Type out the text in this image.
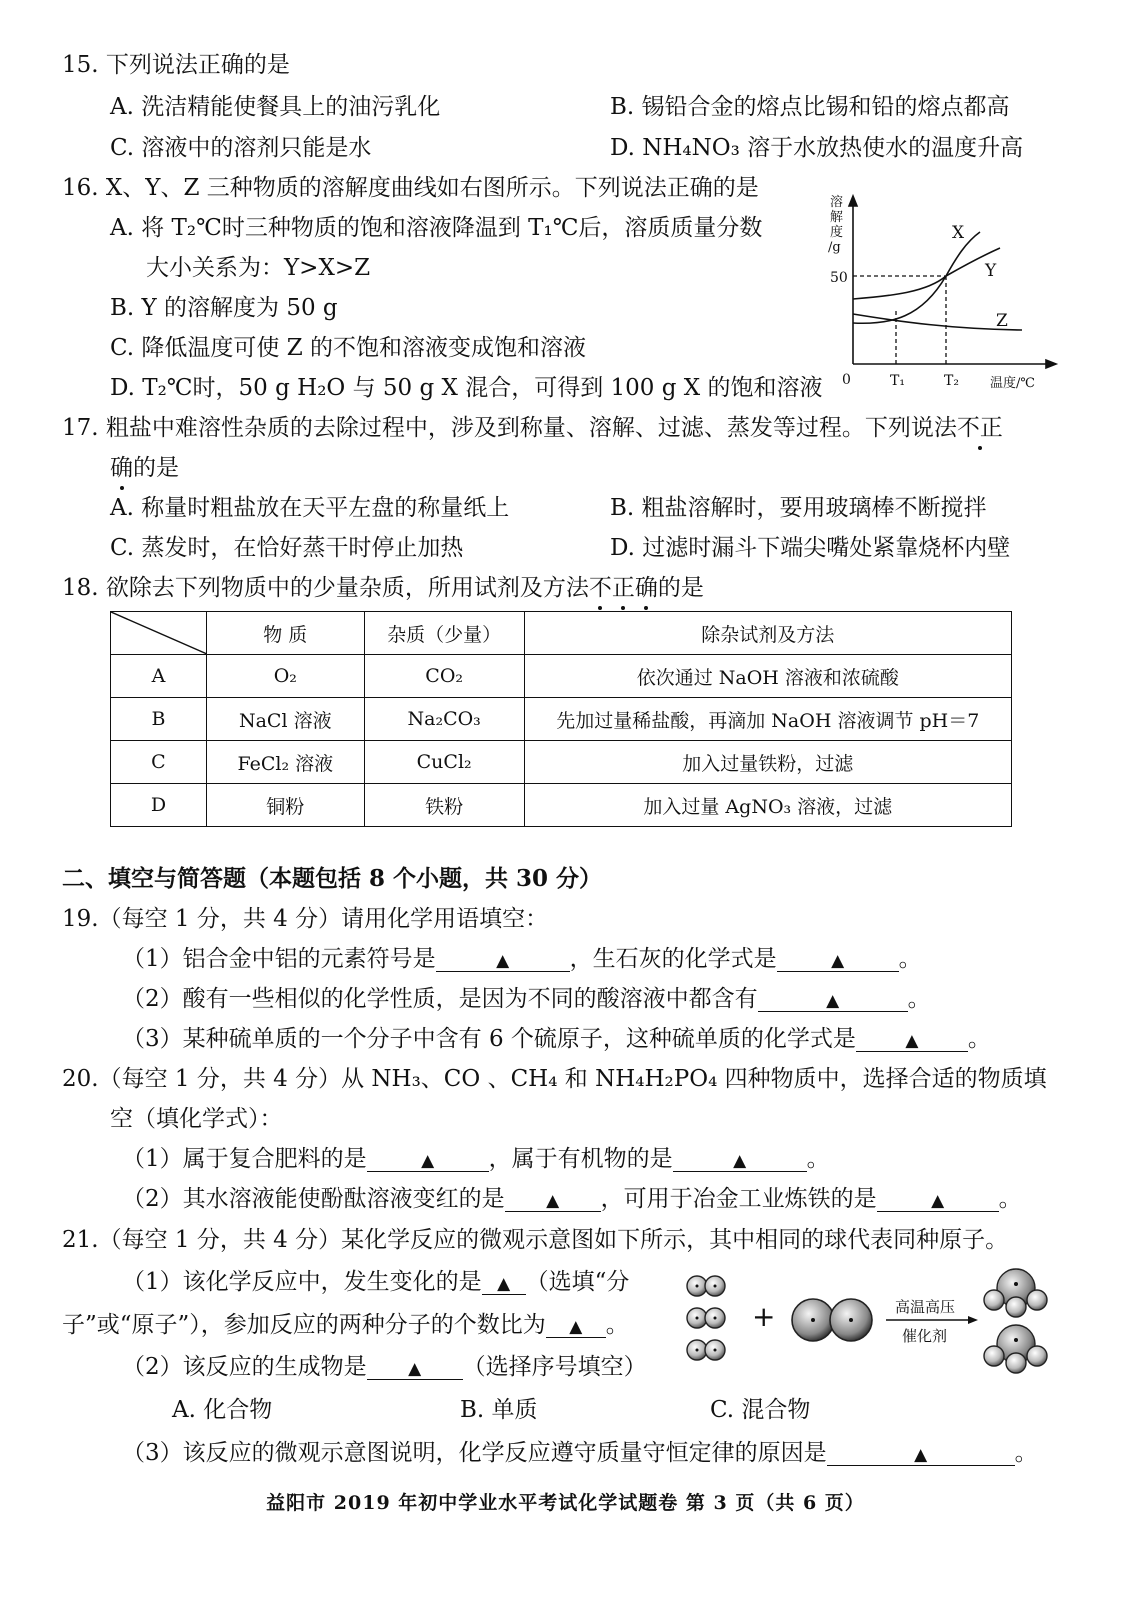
15. 下列说法正确的是
A. 洗洁精能使餐具上的油污乳化	B. 锡铅合金的熔点比锡和铅的熔点都高
C. 溶液中的溶剂只能是水	D. NH₄NO₃ 溶于水放热使水的温度升高
16. X、Y、Z 三种物质的溶解度曲线如右图所示。下列说法正确的是
A. 将 T₂℃时三种物质的饱和溶液降温到 T₁℃后，溶质质量分数
大小关系为：Y>X>Z
B. Y 的溶解度为 50 g
C. 降低温度可使 Z 的不饱和溶液变成饱和溶液
D. T₂℃时，50 g H₂O 与 50 g X 混合，可得到 100 g X 的饱和溶液
溶
解
度
/g
50
0	T₁	T₂ 温度/℃
X
Y
Z
17. 粗盐中难溶性杂质的去除过程中，涉及到称量、溶解、过滤、蒸发等过程。下列说法不正
确的是
A. 称量时粗盐放在天平左盘的称量纸上	B. 粗盐溶解时，要用玻璃棒不断搅拌
C. 蒸发时，在恰好蒸干时停止加热	D. 过滤时漏斗下端尖嘴处紧靠烧杯内壁
18. 欲除去下列物质中的少量杂质，所用试剂及方法不正确的是
	物 质	杂质（少量）	除杂试剂及方法
A	O₂	CO₂	依次通过 NaOH 溶液和浓硫酸
B	NaCl 溶液	Na₂CO₃	先加过量稀盐酸，再滴加 NaOH 溶液调节 pH＝7
C	FeCl₂ 溶液	CuCl₂	加入过量铁粉，过滤
D	铜粉	铁粉	加入过量 AgNO₃ 溶液，过滤
二、填空与简答题（本题包括 8 个小题，共 30 分）
19.（每空 1 分，共 4 分）请用化学用语填空：
（1）铝合金中铝的元素符号是	▲	，生石灰的化学式是	▲ 。
（2）酸有一些相似的化学性质，是因为不同的酸溶液中都含有	▲	。
（3）某种硫单质的一个分子中含有 6 个硫原子，这种硫单质的化学式是	▲ 。
20.（每空 1 分，共 4 分）从 NH₃、CO 、CH₄ 和 NH₄H₂PO₄ 四种物质中，选择合适的物质填
空（填化学式）：
（1）属于复合肥料的是	▲ ，属于有机物的是	▲	。
（2）其水溶液能使酚酞溶液变红的是 ▲ ，可用于冶金工业炼铁的是	▲ 。
21.（每空 1 分，共 4 分）某化学反应的微观示意图如下所示，其中相同的球代表同种原子。
（1）该化学反应中，发生变化的是 ▲ （选填“分
子”或“原子”），参加反应的两种分子的个数比为 ▲ 。
（2）该反应的生成物是 ▲ （选择序号填空）
A. 化合物	B. 单质	C. 混合物
（3）该反应的微观示意图说明，化学反应遵守质量守恒定律的原因是	▲	。
+	高温高压
催化剂
益阳市 2019 年初中学业水平考试化学试题卷 第 3 页（共 6 页）
